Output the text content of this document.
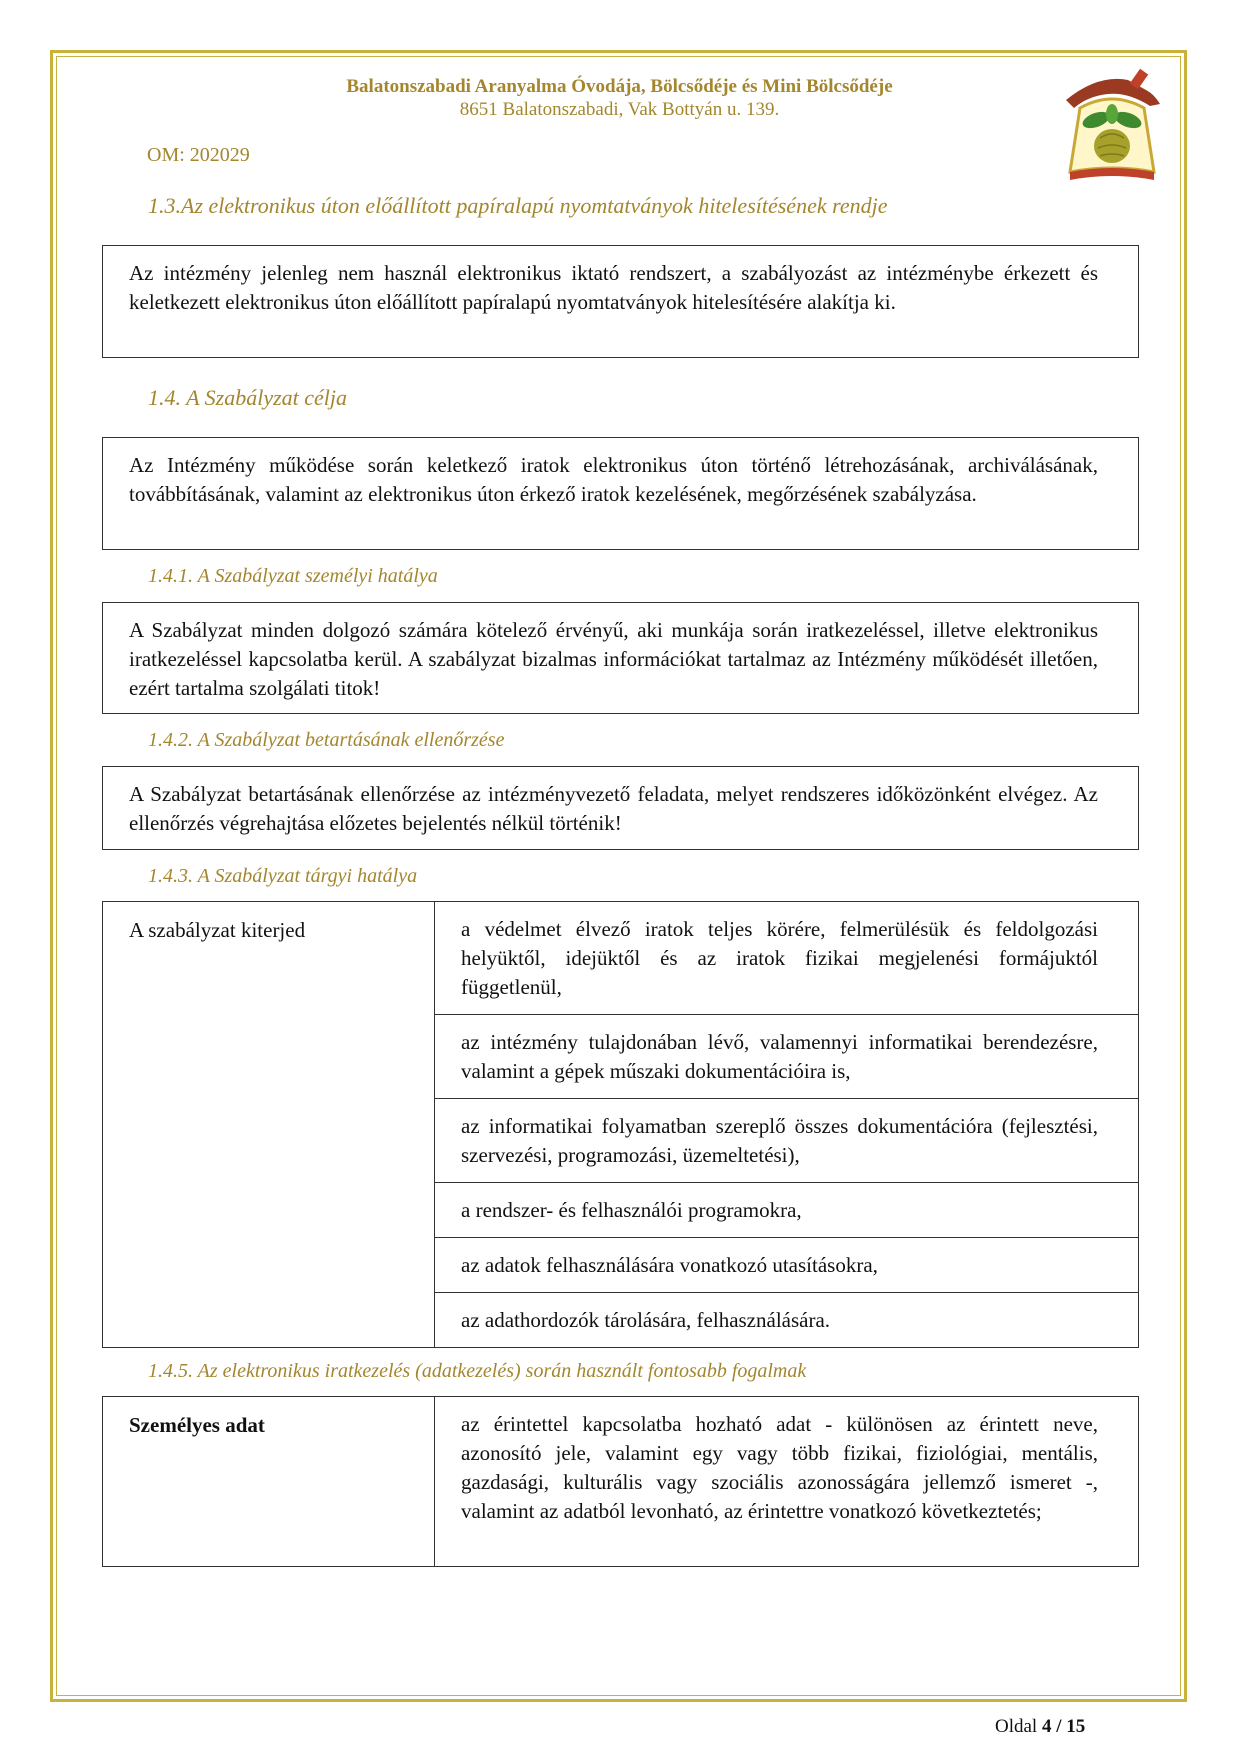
Balatonszabadi Aranyalma Óvodája, Bölcsődéje és Mini Bölcsődéje
8651 Balatonszabadi, Vak Bottyán u. 139.
OM: 202029
1.3.Az elektronikus úton előállított papíralapú nyomtatványok hitelesítésének rendje
Az intézmény jelenleg nem használ elektronikus iktató rendszert, a szabályozást az intézménybe érkezett és keletkezett elektronikus úton előállított papíralapú nyomtatványok hitelesítésére alakítja ki.
1.4. A Szabályzat célja
Az Intézmény működése során keletkező iratok elektronikus úton történő létrehozásának, archiválásának, továbbításának, valamint az elektronikus úton érkező iratok kezelésének, megőrzésének szabályzása.
1.4.1. A Szabályzat személyi hatálya
A Szabályzat minden dolgozó számára kötelező érvényű, aki munkája során iratkezeléssel, illetve elektronikus iratkezeléssel kapcsolatba kerül. A szabályzat bizalmas információkat tartalmaz az Intézmény működését illetően, ezért tartalma szolgálati titok!
1.4.2. A Szabályzat betartásának ellenőrzése
A Szabályzat betartásának ellenőrzése az intézményvezető feladata, melyet rendszeres időközönként elvégez. Az ellenőrzés végrehajtása előzetes bejelentés nélkül történik!
1.4.3. A Szabályzat tárgyi hatálya
A szabályzat kiterjed	a védelmet élvező iratok teljes körére, felmerülésük és feldolgozási helyüktől, idejüktől és az iratok fizikai megjelenési formájuktól függetlenül,
az intézmény tulajdonában lévő, valamennyi informatikai berendezésre, valamint a gépek műszaki dokumentációira is,
az informatikai folyamatban szereplő összes dokumentációra (fejlesztési, szervezési, programozási, üzemeltetési),
a rendszer- és felhasználói programokra,
az adatok felhasználására vonatkozó utasításokra,
az adathordozók tárolására, felhasználására.
1.4.5. Az elektronikus iratkezelés (adatkezelés) során használt fontosabb fogalmak
Személyes adat	az érintettel kapcsolatba hozható adat - különösen az érintett neve, azonosító jele, valamint egy vagy több fizikai, fiziológiai, mentális, gazdasági, kulturális vagy szociális azonosságára jellemző ismeret -, valamint az adatból levonható, az érintettre vonatkozó következtetés;
Oldal 4 / 15
